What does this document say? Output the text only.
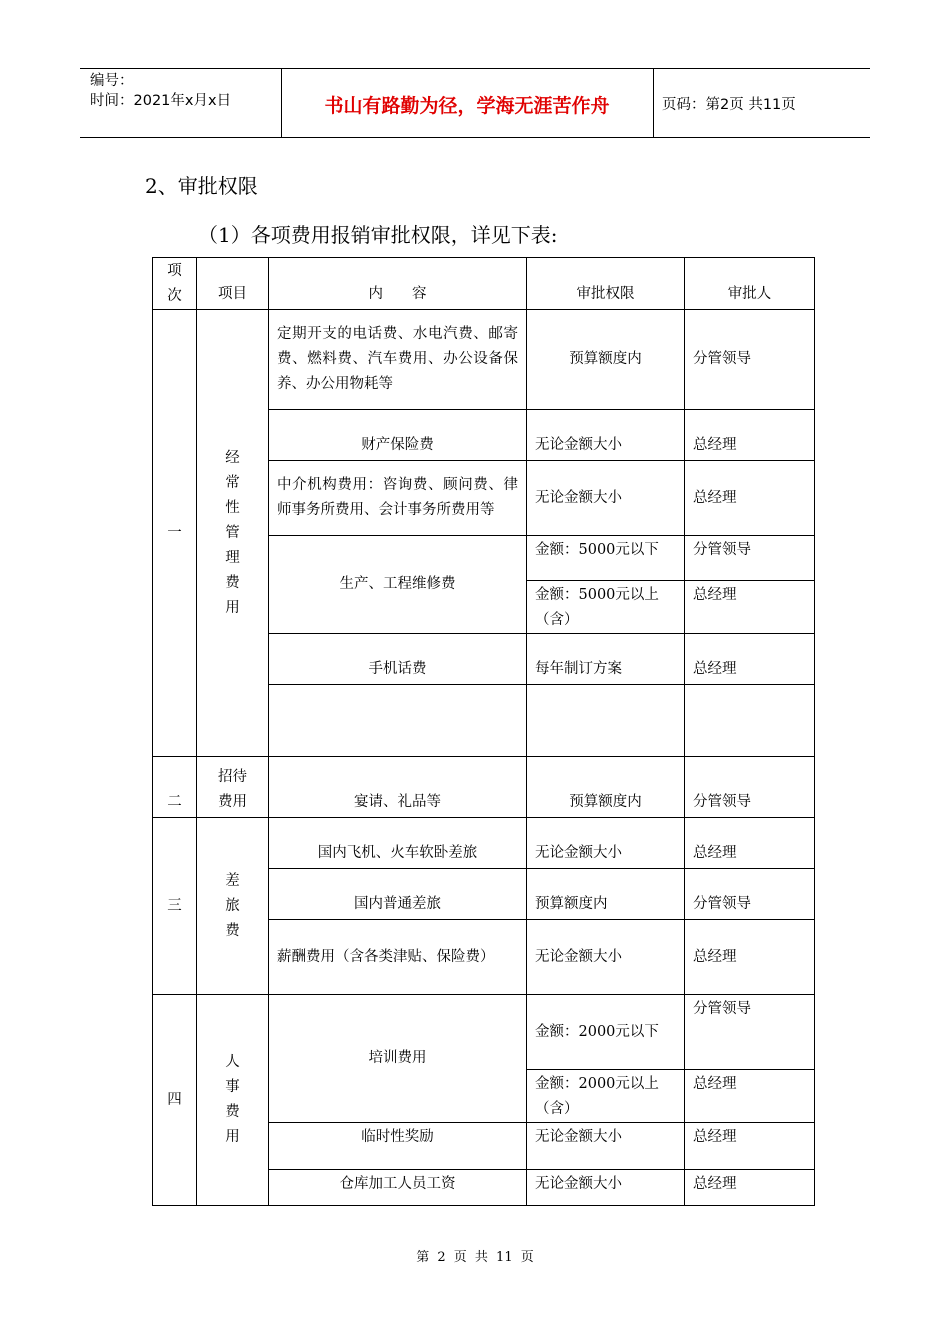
编号：
时间：2021年x月x日	书山有路勤为径，学海无涯苦作舟	页码：第2页 共11页
2、审批权限
（1）各项费用报销审批权限，详见下表:
项次	项目	内　　容	审批权限	审批人
一	经常性管理费用	定期开支的电话费、水电汽费、邮寄费、燃料费、汽车费用、办公设备保养、办公用物耗等	预算额度内	分管领导
		财产保险费	无论金额大小	总经理
		中介机构费用：咨询费、顾问费、律师事务所费用、会计事务所费用等	无论金额大小	总经理
		生产、工程维修费	金额：5000元以下	分管领导
			金额：5000元以上（含）	总经理
		手机话费	每年制订方案	总经理

二	招待费用	宴请、礼品等	预算额度内	分管领导
三	差旅费	国内飞机、火车软卧差旅	无论金额大小	总经理
		国内普通差旅	预算额度内	分管领导
		薪酬费用（含各类津贴、保险费）	无论金额大小	总经理
四	人事费用	培训费用	金额：2000元以下	分管领导
			金额：2000元以上（含）	总经理
		临时性奖励	无论金额大小	总经理
		仓库加工人员工资	无论金额大小	总经理
第 2 页 共 11 页
